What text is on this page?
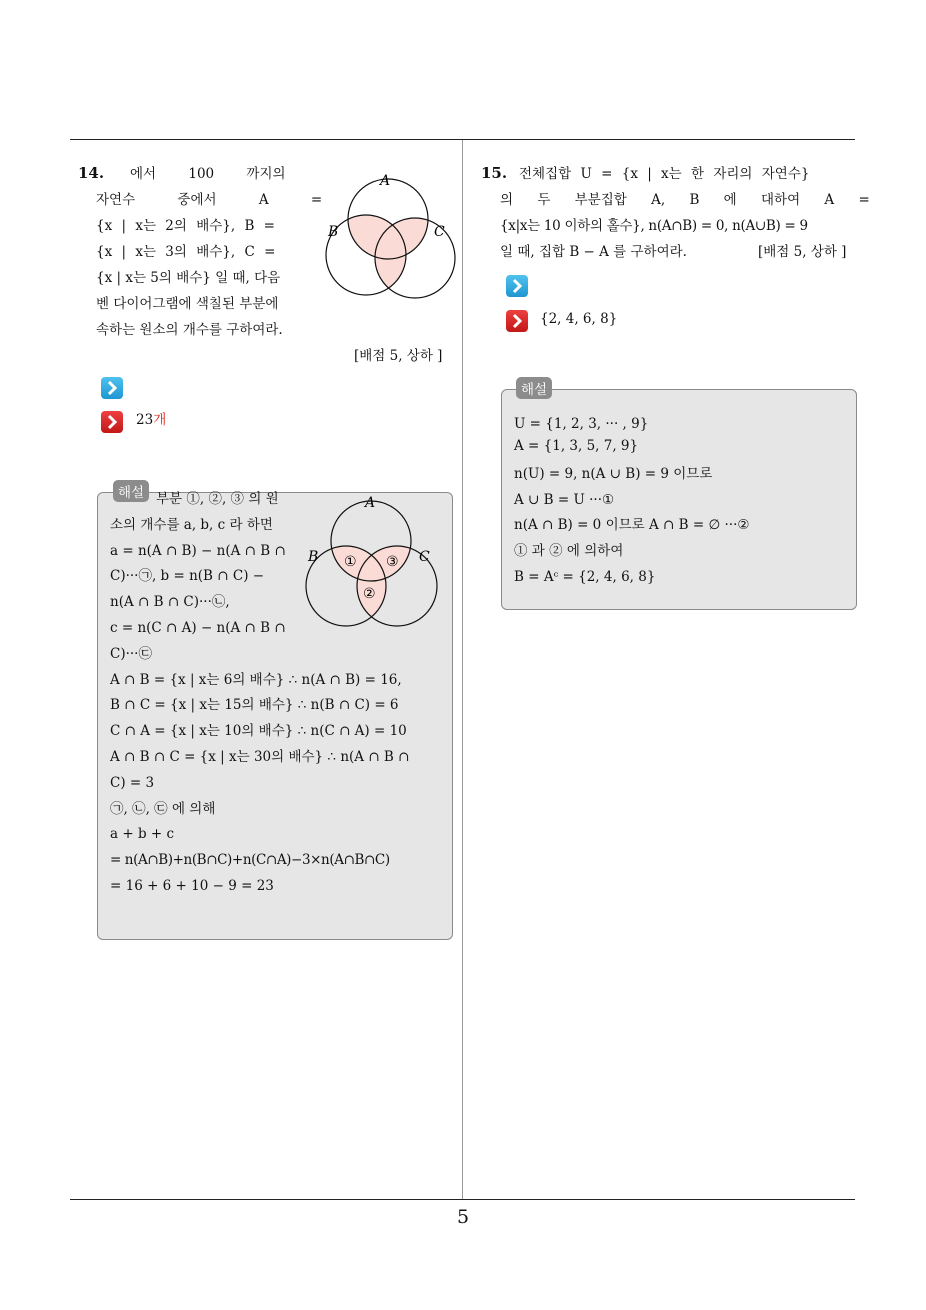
5
14. 에서 100 까지의
자연수 중에서 A =
{x | x는 2의 배수}, B =
{x | x는 3의 배수}, C =
{x | x는 5의 배수} 일 때, 다음
벤 다이어그램에 색칠된 부분에
속하는 원소의 개수를 구하여라.
[배점 5, 상하 ]
A
B	C
23개
부분 ①, ②, ③ 의 원
소의 개수를 a, b, c 라 하면
a = n(A ∩ B) − n(A ∩ B ∩
C)···㉠, b = n(B ∩ C) −
n(A ∩ B ∩ C)···㉡,
c = n(C ∩ A) − n(A ∩ B ∩
C)···㉢
A ∩ B = {x | x는 6의 배수} ∴ n(A ∩ B) = 16,
B ∩ C = {x | x는 15의 배수} ∴ n(B ∩ C) = 6
C ∩ A = {x | x는 10의 배수} ∴ n(C ∩ A) = 10
A ∩ B ∩ C = {x | x는 30의 배수} ∴ n(A ∩ B ∩
C) = 3
㉠, ㉡, ㉢ 에 의해
a + b + c
= n(A∩B)+n(B∩C)+n(C∩A)−3×n(A∩B∩C)
= 16 + 6 + 10 − 9 = 23
A
B	C
① ③
②
해설
15. 전체집합 U = {x | x는 한 자리의 자연수}
의 두 부분집합 A, B 에 대하여 A =
{x|x는 10 이하의 홀수}, n(A∩B) = 0, n(A∪B) = 9
일 때, 집합 B − A 를 구하여라.	[배점 5, 상하 ]
{2, 4, 6, 8}
U = {1, 2, 3, ··· , 9}
A = {1, 3, 5, 7, 9}
n(U) = 9, n(A ∪ B) = 9 이므로
A ∪ B = U ···①
n(A ∩ B) = 0 이므로 A ∩ B = ∅ ···②
① 과 ② 에 의하여
B = Aᶜ = {2, 4, 6, 8}
해설
